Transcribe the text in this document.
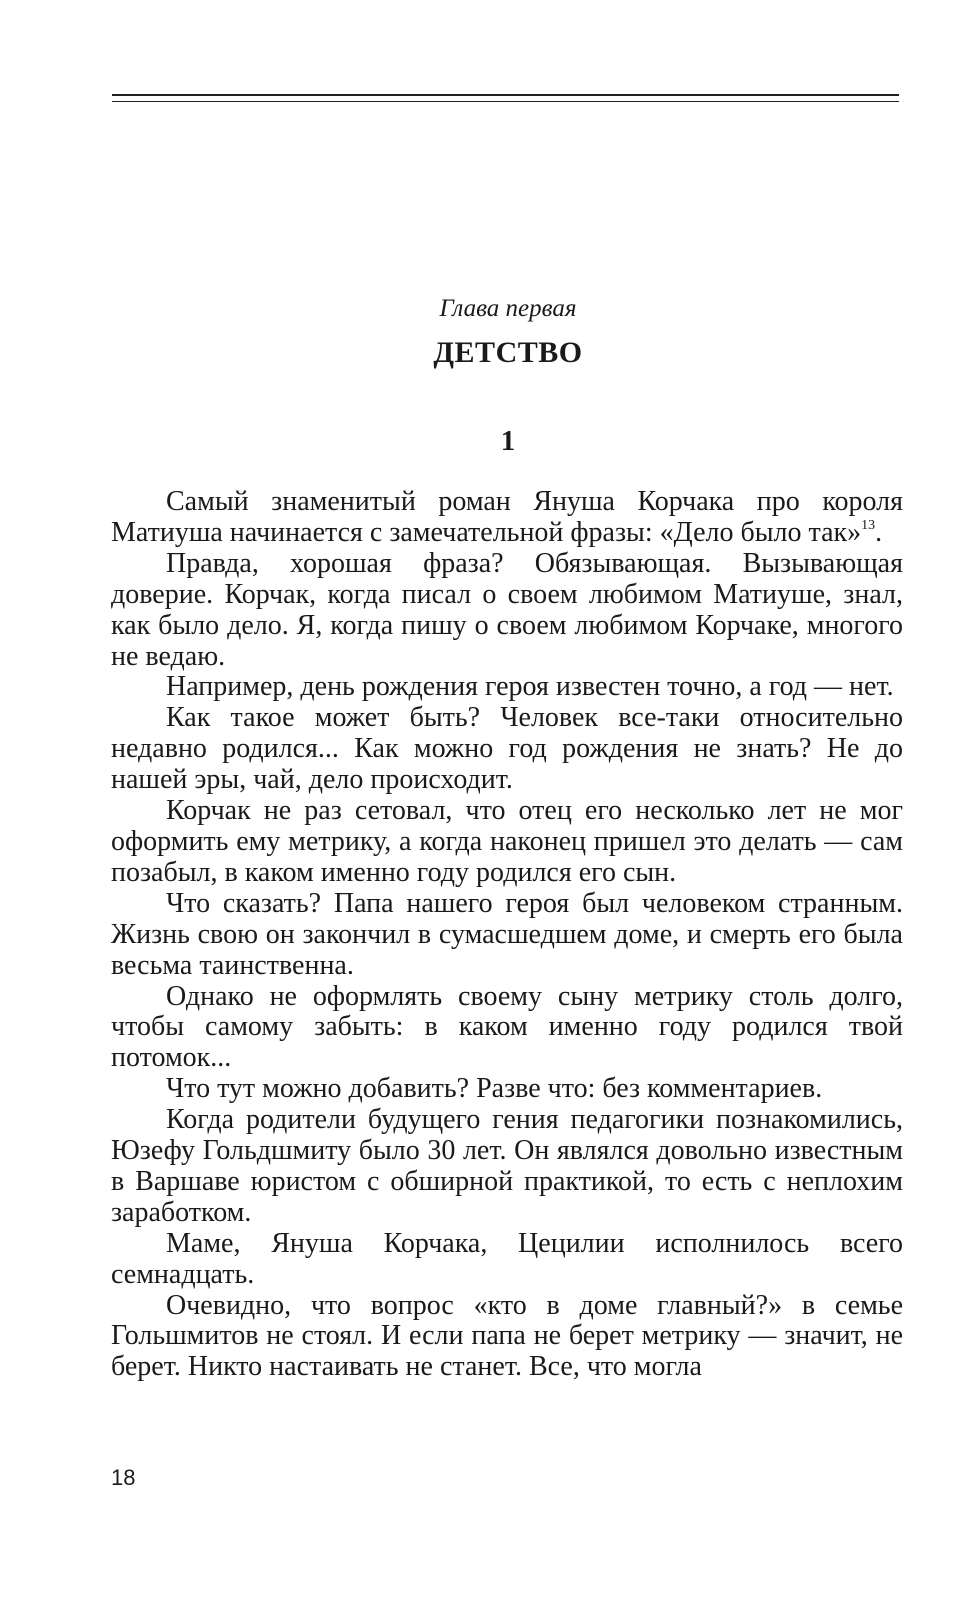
Глава первая
ДЕТСТВО
1

Самый знаменитый роман Януша Корчака про короля Матиуша начинается с замечательной фразы: «Дело было так»$^{13}$.

Правда, хорошая фраза? Обязывающая. Вызывающая доверие. Корчак, когда писал о своем любимом Матиуше, знал, как было дело. Я, когда пишу о своем любимом Корчаке, многого не ведаю.

Например, день рождения героя известен точно, а год — нет.

Как такое может быть? Человек все-таки относительно недавно родился... Как можно год рождения не знать? Не до нашей эры, чай, дело происходит.

Корчак не раз сетовал, что отец его несколько лет не мог оформить ему метрику, а когда наконец пришел это делать — сам позабыл, в каком именно году родился его сын.

Что сказать? Папа нашего героя был человеком странным. Жизнь свою он закончил в сумасшедшем доме, и смерть его была весьма таинственна.

Однако не оформлять своему сыну метрику столь долго, чтобы самому забыть: в каком именно году родился твой потомок...

Что тут можно добавить? Разве что: без комментариев.

Когда родители будущего гения педагогики познакомились, Юзефу Гольдшмиту было 30 лет. Он являлся довольно известным в Варшаве юристом с обширной практикой, то есть с неплохим заработком.

Маме, Януша Корчака, Цецилии исполнилось всего семнадцать.

Очевидно, что вопрос «кто в доме главный?» в семье Гольшмитов не стоял. И если папа не берет метрику — значит, не берет. Никто настаивать не станет. Все, что могла

18
